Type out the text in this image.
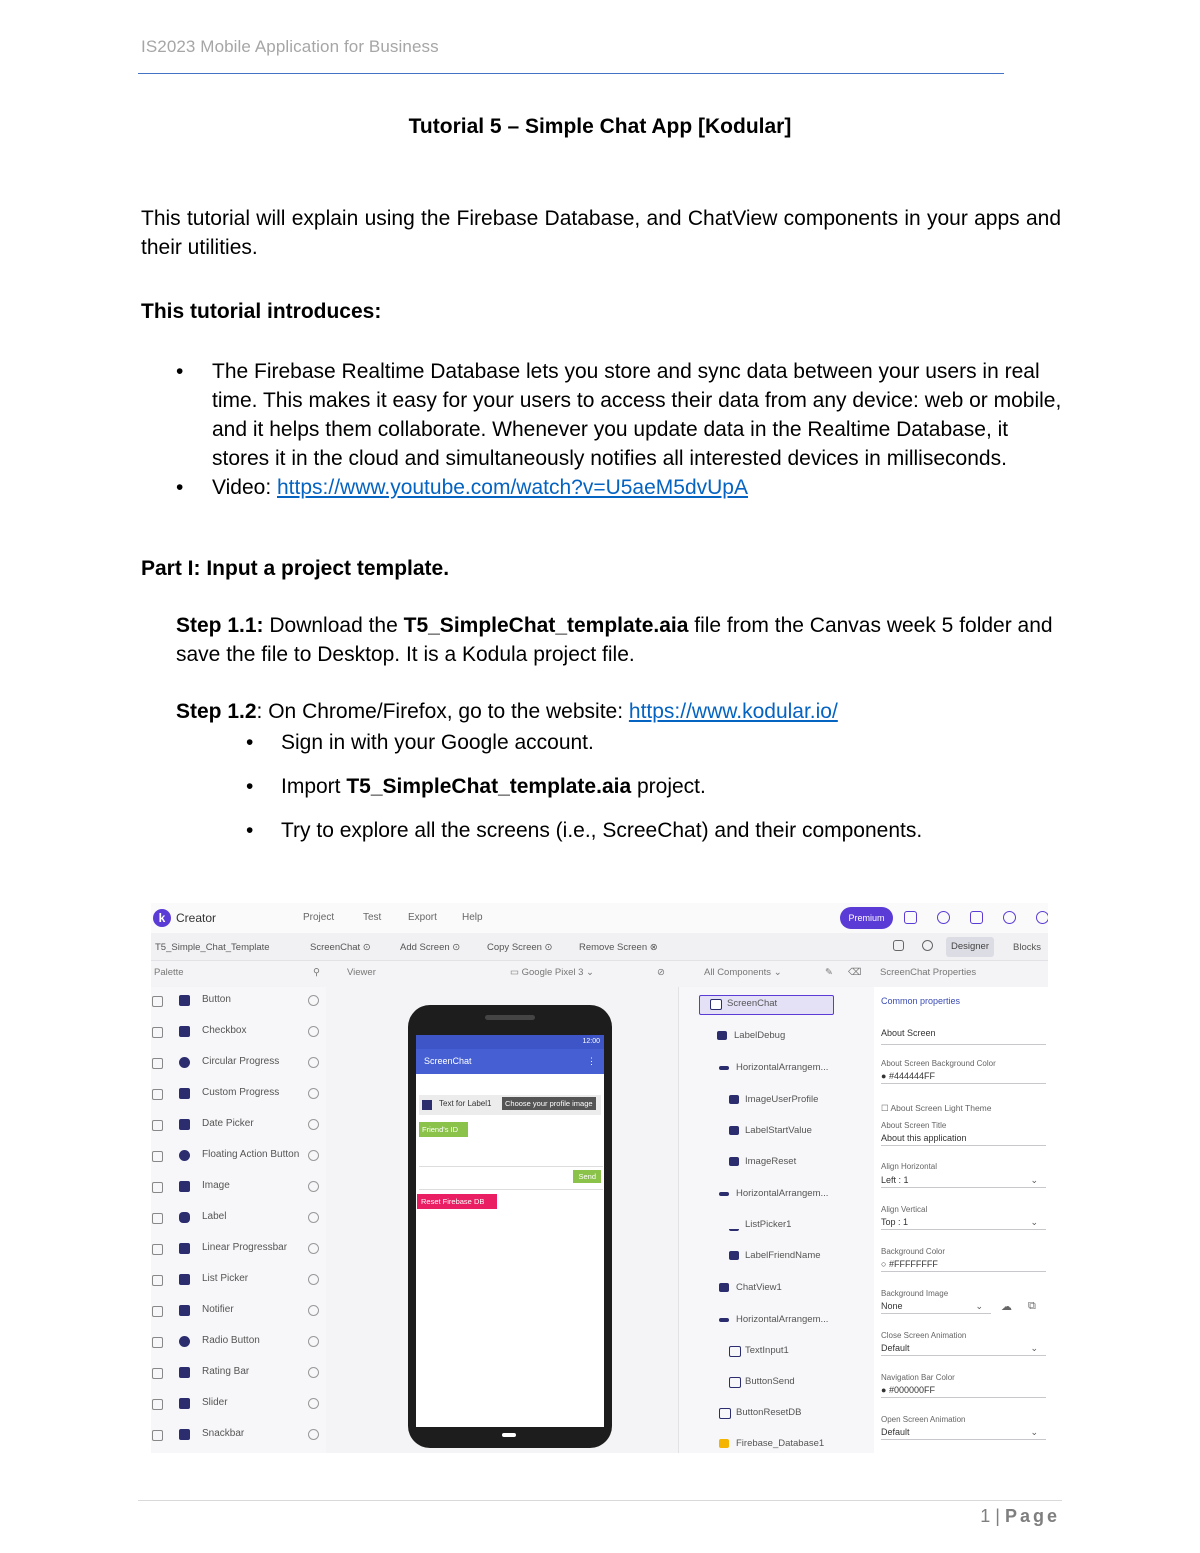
IS2023 Mobile Application for Business
Tutorial 5 – Simple Chat App [Kodular]
This tutorial will explain using the Firebase Database, and ChatView components in your apps and their utilities.
This tutorial introduces:
• The Firebase Realtime Database lets you store and sync data between your users in real time. This makes it easy for your users to access their data from any device: web or mobile, and it helps them collaborate. Whenever you update data in the Realtime Database, it stores it in the cloud and simultaneously notifies all interested devices in milliseconds.
• Video: https://www.youtube.com/watch?v=U5aeM5dvUpA
Part I: Input a project template.
Step 1.1: Download the T5_SimpleChat_template.aia file from the Canvas week 5 folder and save the file to Desktop. It is a Kodula project file.
Step 1.2: On Chrome/Firefox, go to the website: https://www.kodular.io/
• Sign in with your Google account.
• Import T5_SimpleChat_template.aia project.
• Try to explore all the screens (i.e., ScreeChat) and their components.
k Creator	Project	Test	Export	Help	Premium
T5_Simple_Chat_Template	ScreenChat ⊙	Add Screen ⊙	Copy Screen ⊙	Remove Screen ⊗	Designer	Blocks
Palette	⚲	Viewer	▭ Google Pixel 3 ⌄	⊘	All Components ⌄	✎ ⌫ ScreenChat Properties
Button
Checkbox
Circular Progress
Custom Progress
Date Picker
Floating Action Button
Image
Label
Linear Progressbar
List Picker
Notifier
Radio Button
Rating Bar
Slider
Snackbar
12:00
ScreenChat	⋮
Text for Label1	Choose your profile image
Friend's ID
Send
Reset Firebase DB
ScreenChat
LabelDebug
HorizontalArrangem...
ImageUserProfile
LabelStartValue
ImageReset
HorizontalArrangem...
ListPicker1
LabelFriendName
ChatView1
HorizontalArrangem...
TextInput1
ButtonSend
ButtonResetDB
Firebase_Database1
Common properties
About Screen
About Screen Background Color
● #444444FF
☐ About Screen Light Theme
About Screen Title
About this application
Align Horizontal
Left : 1	⌄
Align Vertical
Top : 1	⌄
Background Color
○ #FFFFFFFF
Background Image
None	⌄ ☁ ⧉
Close Screen Animation
Default	⌄
Navigation Bar Color
● #000000FF
Open Screen Animation
Default	⌄
1 | Page
